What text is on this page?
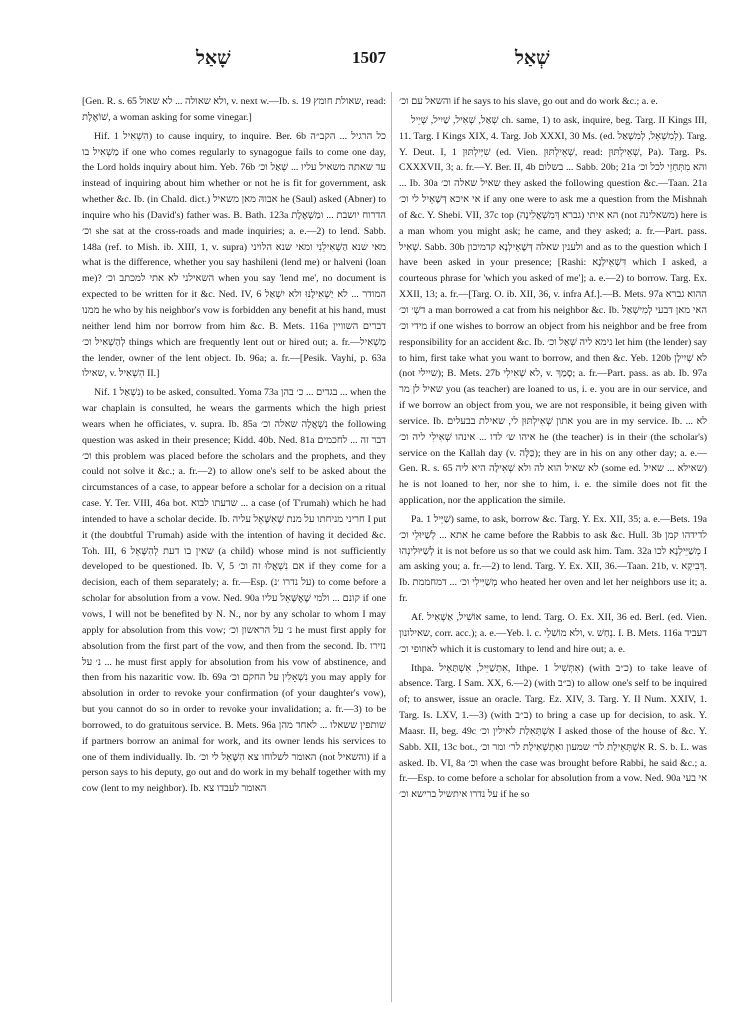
שָׁאַל	1507	שְׁאַל

[Gen. R. s. 65 ולא שאולה ... לא שאול, v. next w.—Ib. s. 19 שאולת חומץ, read: שׁוֹאֶלֶת, a woman asking for some vinegar.]

Hif. הִשְׁאִיל 1) to cause inquiry, to inquire. Ber. 6b כל הרגיל ... הקב״ה מַשְׁאִיל בו if one who comes regularly to synagogue fails to come one day, the Lord holds inquiry about him. Yeb. 76b עד שאתה משאיל עליו ... שְׁאַל וכ׳ instead of inquiring about him whether or not he is fit for government, ask whether &c. Ib. (in Chald. dict.) אבוהּ מאן משאיל he (Saul) asked (Abner) to inquire who his (David's) father was. B. Bath. 123a הדרוח יושבת ... ומַשְׁאֶלֶת וכ׳ she sat at the cross-roads and made inquiries; a. e.—2) to lend. Sabb. 148a (ref. to Mish. ib. XIII, 1, v. supra) מאי שנא הַשְׁאִילֵנִי ומאי שנא הלויני what is the difference, whether you say hashileni (lend me) or halveni (loan me)? השאילני לא אתי למכתב וכ׳ when you say 'lend me', no document is expected to be written for it &c. Ned. IV, 6 המודר ... לא יַשְׁאִילֶנּוּ ולא יִשְׁאַל ממנו he who by his neighbor's vow is forbidden any benefit at his hand, must neither lend him nor borrow from him &c. B. Mets. 116a דברים השוויין לְהַשְׁאִיל וכ׳ things which are frequently lent out or hired out; a. fr.—מַשְׁאִיל the lender, owner of the lent object. Ib. 96a; a. fr.—[Pesik. Vayhi, p. 63a שאילו, v. הִשְׁאִיל II.]

Nif. נִשְׁאַל 1) to be asked, consulted. Yoma 73a בגדים ... כ׳ בהן ... when the war chaplain is consulted, he wears the garments which the high priest wears when he officiates, v. supra. Ib. 85a נִשְׁאֲלָה שאלה וכ׳ the following question was asked in their presence; Kidd. 40b. Ned. 81a דבר זה ... לחכמים וכ׳ this problem was placed before the scholars and the prophets, and they could not solve it &c.; a. fr.—2) to allow one's self to be asked about the circumstances of a case, to appear before a scholar for a decision on a ritual case. Y. Ter. VIII, 46a bot. שדעתו לבוא ... a case (of T'rumah) which he had intended to have a scholar decide. Ib. חריני מניחתו על מנת שֶׁאִשָּׁאֵל עליה I put it (the doubtful T'rumah) aside with the intention of having it decided &c. Toh. III, 6 שאין בו דעת לְהִשָּׁאֵל (a child) whose mind is not sufficiently developed to be questioned. Ib. V, 5 אם נִשְׁאֲלוּ זה וכ׳ if they come for a decision, each of them separately; a. fr.—Esp. (על נדרו ׳נ) to come before a scholar for absolution from a vow. Ned. 90a קונם ... ולמי שֶׁאֶשָּׁאֵל עליו if one vows, I will not be benefited by N. N., nor by any scholar to whom I may apply for absolution from this vow; נ׳ על הראשון וכ׳ he must first apply for absolution from the first part of the vow, and then from the second. Ib. נזירו ... נ׳ על he must first apply for absolution from his vow of abstinence, and then from his nazaritic vow. Ib. 69a נִשְׁאָלִין על החקם וכ׳ you may apply for absolution in order to revoke your confirmation (of your daughter's vow), but you cannot do so in order to revoke your invalidation; a. fr.—3) to be borrowed, to do gratuitous service. B. Mets. 96a שותפין ששאלו ... לאחד מהן if partners borrow an animal for work, and its owner lends his services to one of them individually. Ib. האומר לשלוחו צא הִשָּׁאֵל לי וכ׳ (not והשאיל) if a person says to his deputy, go out and do work in my behalf together with my cow (lent to my neighbor). Ib. האומר לעבדו צא

והשאל עם וכ׳ if he says to his slave, go out and do work &c.; a. e.

שְׁאַל, שְׁאִיל, שַׁיִיל, שְׁיֵיל ch. same, 1) to ask, inquire, beg. Targ. II Kings III, 11. Targ. I Kings XIX, 4. Targ. Job XXXI, 30 Ms. (ed. לְמִשְׁאֵל, לְמִשְׁאַל). Targ. Y. Deut. I, 1 שִׁיְּילְתּוּן (ed. Vien. שְׁאֵילְתּוּן, read: שְׁאֵילְתּוּן, Pa). Targ. Ps. CXXXVII, 3; a. fr.—Y. Ber. II, 4b בשלום ... Sabb. 20b; 21a והא מִתְּחַזֵי לכל וכ׳ ... Ib. 30a שאיל שאלה וכ׳ they asked the following question &c.—Taan. 21a אי איכא דְּשָׁאֵיל לי וכ׳ if any one were to ask me a question from the Mishnah of &c. Y. Shebi. VII, 37c top הא איתי (גברא דְּמִשְׁאֲלִינָה) (not משאלינה) here is a man whom you might ask; he came, and they asked; a. fr.—Part. pass. שְׁאִיל. Sabb. 30b ולענין שאלה דְּשָׁאֵילְנָא קדמיכון and as to the question which I have been asked in your presence; [Rashi: דִּשְׁאֵילְנָא which I asked, a courteous phrase for 'which you asked of me']; a. e.—2) to borrow. Targ. Ex. XXII, 13; a. fr.—[Targ. O. ib. XII, 36, v. infra Af.].—B. Mets. 97a ההוא גברא דשְׁ׳ וכ׳ a man borrowed a cat from his neighbor &c. Ib. האי מאן דבעי לְמִישְׁאַל מידי וכ׳ if one wishes to borrow an object from his neighbor and be free from responsibility for an accident &c. Ib. נימא ליה שְׁאַל וכ׳ let him (the lender) say to him, first take what you want to borrow, and then &c. Yeb. 120b לא שְׁיִילָן (not שיילי); B. Mets. 27b לא שְׁאִילִי, v. סָמַךְ; a. fr.—Part. pass. as ab. Ib. 97a שאיל לן מר you (as teacher) are loaned to us, i. e. you are in our service, and if we borrow an object from you, we are not responsible, it being given with service. Ib. אתון שְׁאִילְתּוּן לי, שאילת בבעלים you are in my service. Ib. לא ... איהו ש׳ לדו ... אינהו שְׁאִילִי ליה וכ׳ he (the teacher) is in their (the scholar's) service on the Kallah day (v. כַּלָּה); they are in his on any other day; a. e.—Gen. R. s. 65 לא שאיל הוא לה ולא שְׁאִילָה היא ליה (some ed. שאילא ... שאיל) he is not loaned to her, nor she to him, i. e. the simile does not fit the application, nor the application the simile.

Pa. שַׁיֵּיל 1) same, to ask, borrow &c. Targ. Y. Ex. XII, 35; a. e.—Bets. 19a אתא ... לְשַׁיּוּלֵי וכ׳ he came before the Rabbis to ask &c. Hull. 3b לדידהו קמן לְשַׁיּוּלִינְהוּ it is not before us so that we could ask him. Tam. 32a מְשַׁיֵּילְנָא לכו I am asking you; a. fr.—2) to lend. Targ. Y. Ex. XII, 36.—Taan. 21b, v. דְּבִיקָא. Ib. מְשַׁיִּילִי וכ׳ ... דמחממת who heated her oven and let her neighbors use it; a. fr.

Af. אוֹשִׁיל, אַשְׁאִיל same, to lend. Targ. O. Ex. XII, 36 ed. Berl. (ed. Vien. שאילונון, corr. acc.); a. e.—Yeb. l. c. ולא מוֹשִׁלֵי, v. נְחַשׁ. I. B. Mets. 116a דעביד לאוזופי וכ׳ which it is customary to lend and hire out; a. e.

Ithpa. אִתְשַׁיֵּיל, אִשְׁתַּאֵיל, Ithpe. אִתְּשִׁיל 1) (with כ״ב) to take leave of absence. Targ. I Sam. XX, 6.—2) (with ב״ב) to allow one's self to be inquired of; to answer, issue an oracle. Targ. Ez. XIV, 3. Targ. Y. II Num. XXIV, 1. Targ. Is. LXV, 1.—3) (with ב״ב) to bring a case up for decision, to ask. Y. Maasr. II, beg. 49c אִשְׁתְּאִלַת לאילין וכ׳ I asked those of the house of &c. Y. Sabb. XII, 13c bot., אִשְׁתְּאֵילַת לר׳ שמעון ואִתְשְׁאִילַת לר׳ ומר וכ׳ R. S. b. L. was asked. Ib. VI, 8a וכ׳ when the case was brought before Rabbi, he said &c.; a. fr.—Esp. to come before a scholar for absolution from a vow. Ned. 90a אי בעי על נדרו איתשיל ברישא וכ׳ if he so
